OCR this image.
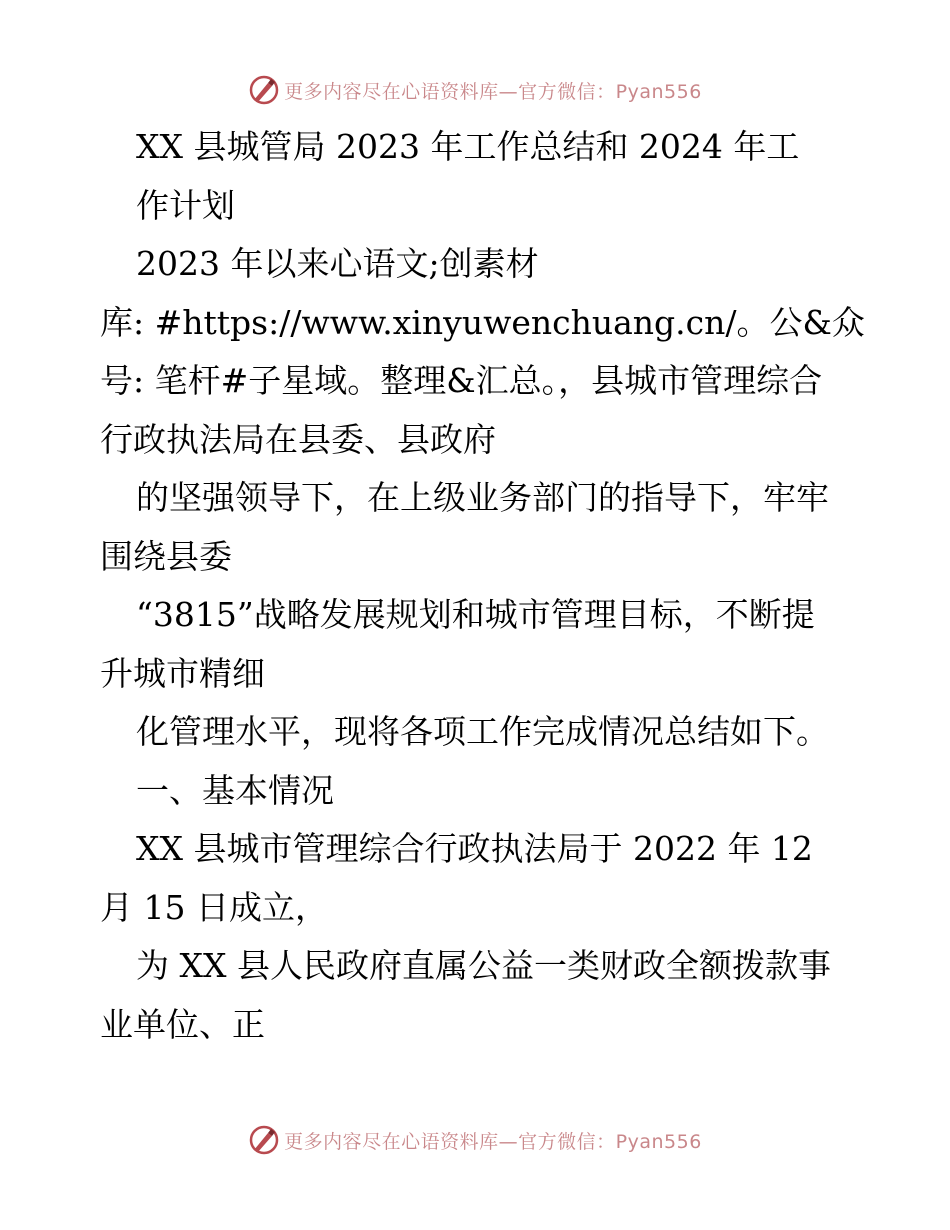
更多内容尽在心语资料库—官方微信：Pyan556
XX 县城管局 2023 年工作总结和 2024 年工
作计划
2023 年以来心语文;创素材
库: #https://www.xinyuwenchuang.cn/。公&众
号: 笔杆#子星域。整理&汇总。，县城市管理综合
行政执法局在县委、县政府
的坚强领导下，在上级业务部门的指导下，牢牢
围绕县委
“3815”战略发展规划和城市管理目标，不断提
升城市精细
化管理水平，现将各项工作完成情况总结如下。
一、基本情况
XX 县城市管理综合行政执法局于 2022 年 12
月 15 日成立，
为 XX 县人民政府直属公益一类财政全额拨款事
业单位、正
更多内容尽在心语资料库—官方微信：Pyan556
